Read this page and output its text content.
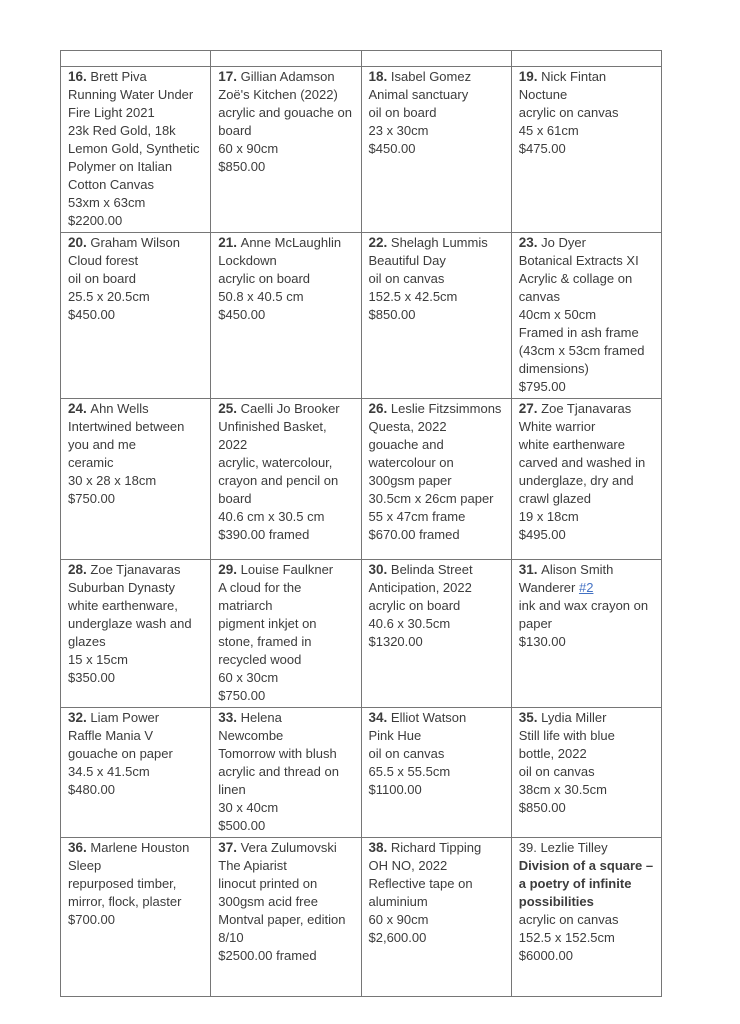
16. Brett Piva
Running Water Under
Fire Light 2021
23k Red Gold, 18k
Lemon Gold, Synthetic
Polymer on Italian
Cotton Canvas
53xm x 63cm
$2200.00

17. Gillian Adamson
Zoë's Kitchen (2022)
acrylic and gouache on
board
60 x 90cm
$850.00

18. Isabel Gomez
Animal sanctuary
oil on board
23 x 30cm
$450.00

19. Nick Fintan
Noctune
acrylic on canvas
45 x 61cm
$475.00

20. Graham Wilson
Cloud forest
oil on board
25.5 x 20.5cm
$450.00

21. Anne McLaughlin
Lockdown
acrylic on board
50.8 x 40.5 cm
$450.00

22. Shelagh Lummis
Beautiful Day
oil on canvas
152.5 x 42.5cm
$850.00

23. Jo Dyer
Botanical Extracts XI
Acrylic & collage on
canvas
40cm x 50cm
Framed in ash frame
(43cm x 53cm framed
dimensions)
$795.00

24. Ahn Wells
Intertwined between
you and me
ceramic
30 x 28 x 18cm
$750.00

25. Caelli Jo Brooker
Unfinished Basket,
2022
acrylic, watercolour,
crayon and pencil on
board
40.6 cm x 30.5 cm
$390.00 framed

26. Leslie Fitzsimmons
Questa, 2022
gouache and
watercolour on
300gsm paper
30.5cm x 26cm paper
55 x 47cm frame
$670.00 framed

27. Zoe Tjanavaras
White warrior
white earthenware
carved and washed in
underglaze, dry and
crawl glazed
19 x 18cm
$495.00

28. Zoe Tjanavaras
Suburban Dynasty
white earthenware,
underglaze wash and
glazes
15 x 15cm
$350.00

29. Louise Faulkner
A cloud for the
matriarch
pigment inkjet on
stone, framed in
recycled wood
60 x 30cm
$750.00

30. Belinda Street
Anticipation, 2022
acrylic on board
40.6 x 30.5cm
$1320.00

31. Alison Smith
Wanderer #2
ink and wax crayon on
paper
$130.00

32. Liam Power
Raffle Mania V
gouache on paper
34.5 x 41.5cm
$480.00

33. Helena
Newcombe
Tomorrow with blush
acrylic and thread on
linen
30 x 40cm
$500.00

34. Elliot Watson
Pink Hue
oil on canvas
65.5 x 55.5cm
$1100.00

35. Lydia Miller
Still life with blue
bottle, 2022
oil on canvas
38cm x 30.5cm
$850.00

36. Marlene Houston
Sleep
repurposed timber,
mirror, flock, plaster
$700.00

37. Vera Zulumovski
The Apiarist
linocut printed on
300gsm acid free
Montval paper, edition
8/10
$2500.00 framed

38. Richard Tipping
OH NO, 2022
Reflective tape on
aluminium
60 x 90cm
$2,600.00

39. Lezlie Tilley
Division of a square –
a poetry of infinite
possibilities
acrylic on canvas
152.5 x 152.5cm
$6000.00
